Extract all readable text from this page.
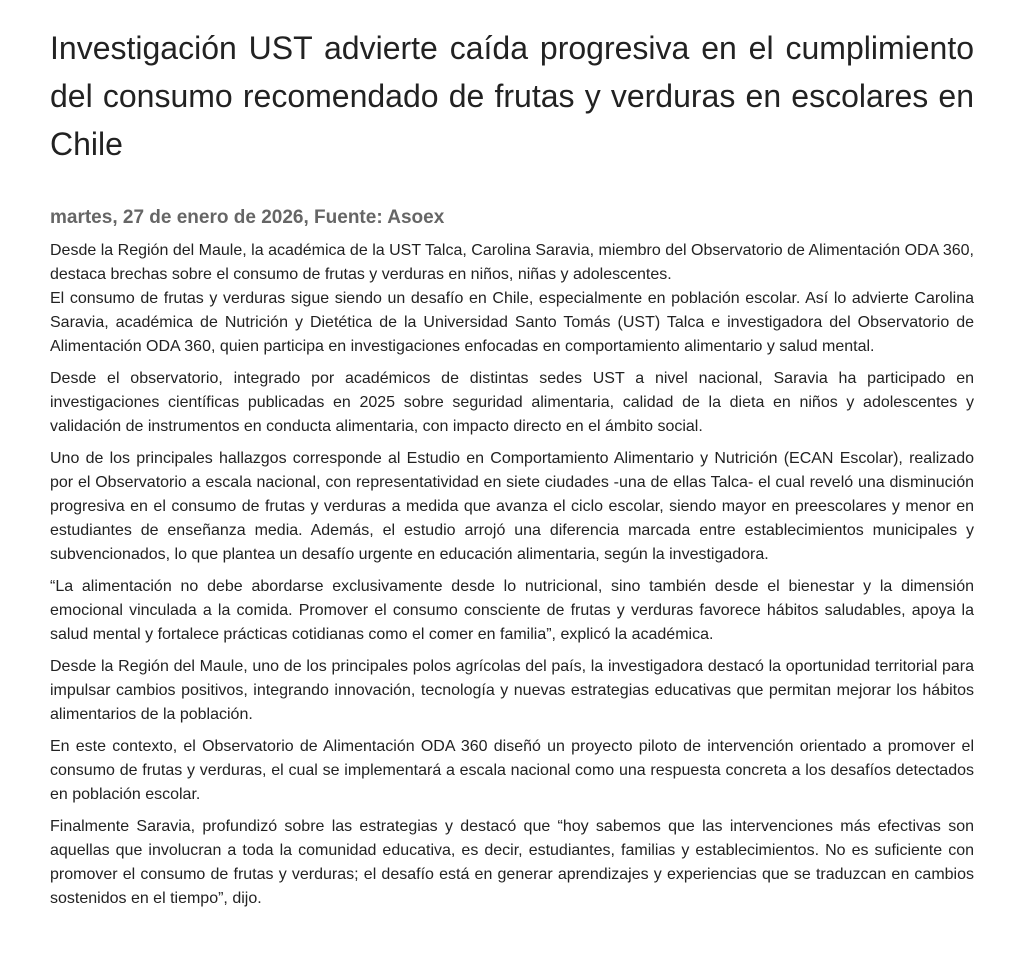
Investigación UST advierte caída progresiva en el cumplimiento del consumo recomendado de frutas y verduras en escolares en Chile
martes, 27 de enero de 2026, Fuente: Asoex

Desde la Región del Maule, la académica de la UST Talca, Carolina Saravia, miembro del Observatorio de Alimentación ODA 360, destaca brechas sobre el consumo de frutas y verduras en niños, niñas y adolescentes.

El consumo de frutas y verduras sigue siendo un desafío en Chile, especialmente en población escolar. Así lo advierte Carolina Saravia, académica de Nutrición y Dietética de la Universidad Santo Tomás (UST) Talca e investigadora del Observatorio de Alimentación ODA 360, quien participa en investigaciones enfocadas en comportamiento alimentario y salud mental.

Desde el observatorio, integrado por académicos de distintas sedes UST a nivel nacional, Saravia ha participado en investigaciones científicas publicadas en 2025 sobre seguridad alimentaria, calidad de la dieta en niños y adolescentes y validación de instrumentos en conducta alimentaria, con impacto directo en el ámbito social.

Uno de los principales hallazgos corresponde al Estudio en Comportamiento Alimentario y Nutrición (ECAN Escolar), realizado por el Observatorio a escala nacional, con representatividad en siete ciudades -una de ellas Talca- el cual reveló una disminución progresiva en el consumo de frutas y verduras a medida que avanza el ciclo escolar, siendo mayor en preescolares y menor en estudiantes de enseñanza media. Además, el estudio arrojó una diferencia marcada entre establecimientos municipales y subvencionados, lo que plantea un desafío urgente en educación alimentaria, según la investigadora.

“La alimentación no debe abordarse exclusivamente desde lo nutricional, sino también desde el bienestar y la dimensión emocional vinculada a la comida. Promover el consumo consciente de frutas y verduras favorece hábitos saludables, apoya la salud mental y fortalece prácticas cotidianas como el comer en familia”, explicó la académica.

Desde la Región del Maule, uno de los principales polos agrícolas del país, la investigadora destacó la oportunidad territorial para impulsar cambios positivos, integrando innovación, tecnología y nuevas estrategias educativas que permitan mejorar los hábitos alimentarios de la población.

En este contexto, el Observatorio de Alimentación ODA 360 diseñó un proyecto piloto de intervención orientado a promover el consumo de frutas y verduras, el cual se implementará a escala nacional como una respuesta concreta a los desafíos detectados en población escolar.

Finalmente Saravia, profundizó sobre las estrategias y destacó que “hoy sabemos que las intervenciones más efectivas son aquellas que involucran a toda la comunidad educativa, es decir, estudiantes, familias y establecimientos. No es suficiente con promover el consumo de frutas y verduras; el desafío está en generar aprendizajes y experiencias que se traduzcan en cambios sostenidos en el tiempo”, dijo.
